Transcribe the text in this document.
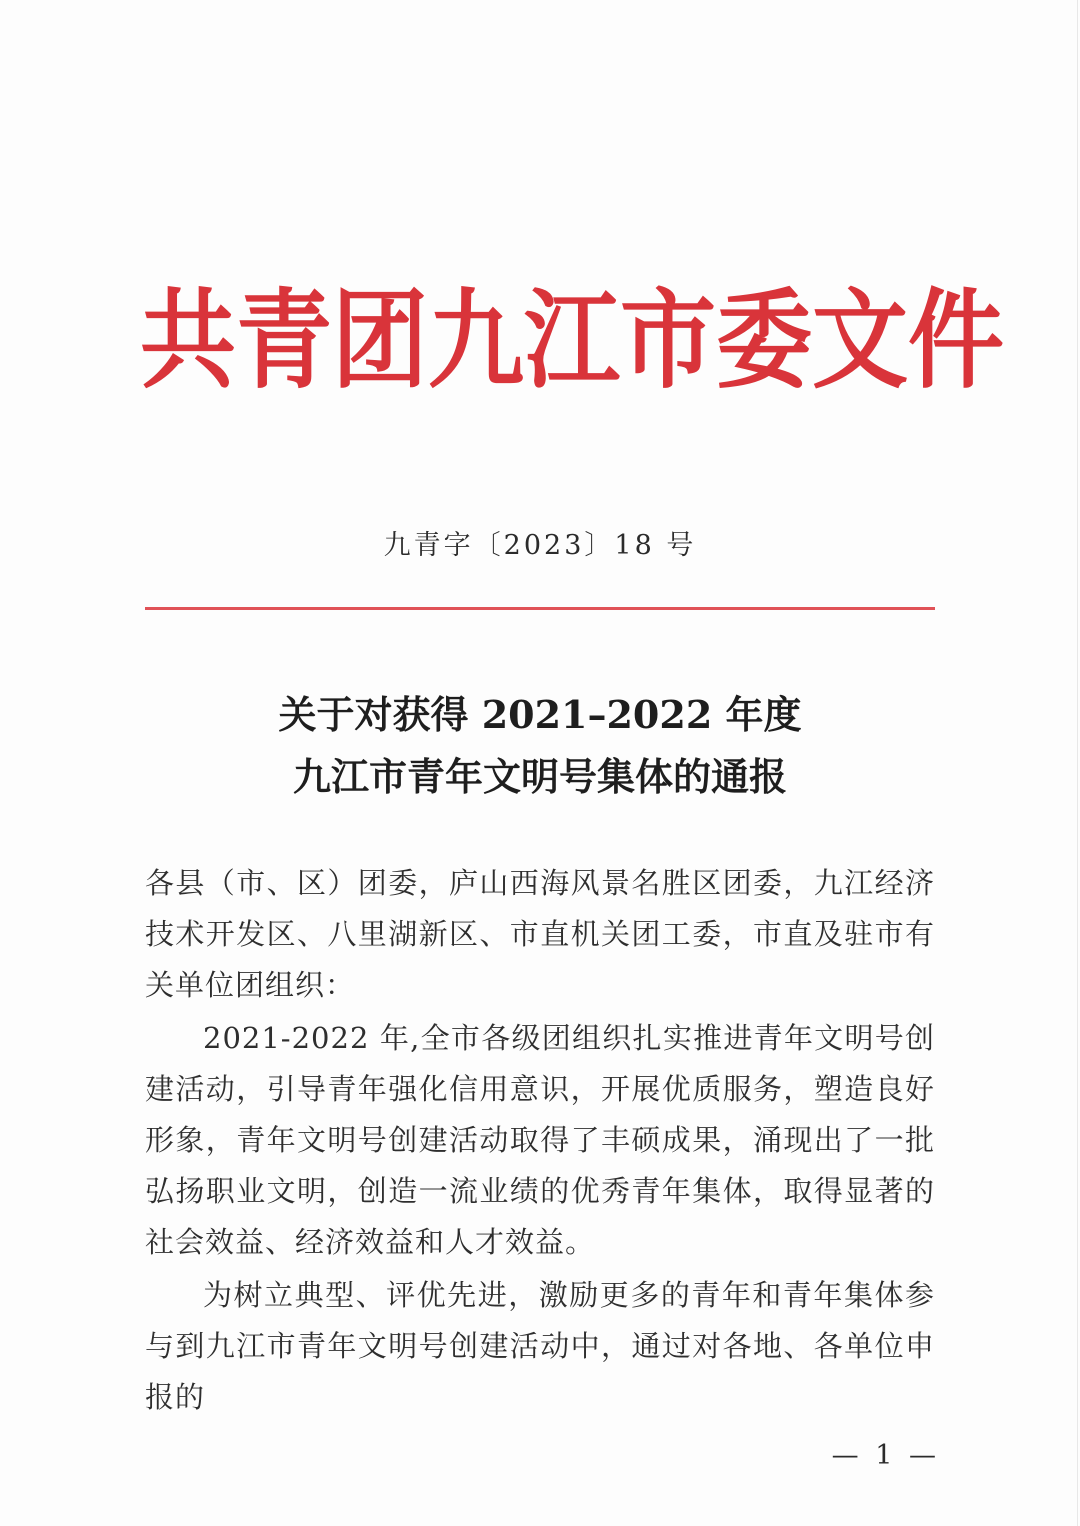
共青团九江市委文件
九青字〔2023〕18 号
关于对获得 2021–2022 年度
九江市青年文明号集体的通报

各县（市、区）团委，庐山西海风景名胜区团委，九江经济技术开发区、八里湖新区、市直机关团工委，市直及驻市有关单位团组织：

2021-2022 年,全市各级团组织扎实推进青年文明号创建活动，引导青年强化信用意识，开展优质服务，塑造良好形象，青年文明号创建活动取得了丰硕成果，涌现出了一批弘扬职业文明，创造一流业绩的优秀青年集体，取得显著的社会效益、经济效益和人才效益。

为树立典型、评优先进，激励更多的青年和青年集体参与到九江市青年文明号创建活动中，通过对各地、各单位申报的

— 1 —
